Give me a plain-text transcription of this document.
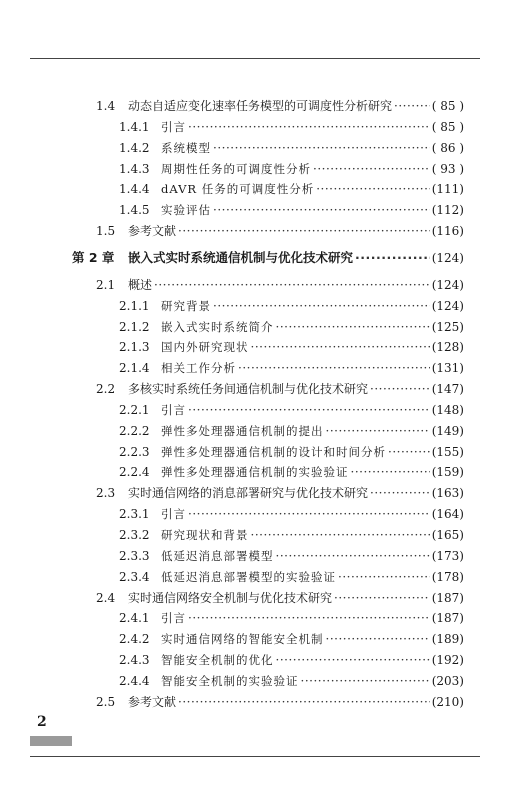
1.4	动态自适应变化速率任务模型的可调度性分析研究 ·····	( 85 )
1.4.1 引言 ·····	( 85 )
1.4.2 系统模型 ·····	( 86 )
1.4.3 周期性任务的可调度性分析 ·····	( 93 )
1.4.4 dAVR 任务的可调度性分析 ·····	(111)
1.4.5 实验评估 ·····	(112)
1.5	参考文献 ·····	(116)
第 2 章	嵌入式实时系统通信机制与优化技术研究 ·····	(124)
2.1	概述 ·····	(124)
2.1.1 研究背景 ·····	(124)
2.1.2 嵌入式实时系统简介 ·····	(125)
2.1.3 国内外研究现状 ·····	(128)
2.1.4 相关工作分析 ·····	(131)
2.2	多核实时系统任务间通信机制与优化技术研究 ·····	(147)
2.2.1 引言 ·····	(148)
2.2.2 弹性多处理器通信机制的提出 ·····	(149)
2.2.3 弹性多处理器通信机制的设计和时间分析 ·····	(155)
2.2.4 弹性多处理器通信机制的实验验证 ·····	(159)
2.3	实时通信网络的消息部署研究与优化技术研究 ·····	(163)
2.3.1 引言 ·····	(164)
2.3.2 研究现状和背景 ·····	(165)
2.3.3 低延迟消息部署模型 ·····	(173)
2.3.4 低延迟消息部署模型的实验验证 ·····	(178)
2.4	实时通信网络安全机制与优化技术研究 ·····	(187)
2.4.1 引言 ·····	(187)
2.4.2 实时通信网络的智能安全机制 ·····	(189)
2.4.3 智能安全机制的优化 ·····	(192)
2.4.4 智能安全机制的实验验证 ·····	(203)
2.5	参考文献 ·····	(210)
2
